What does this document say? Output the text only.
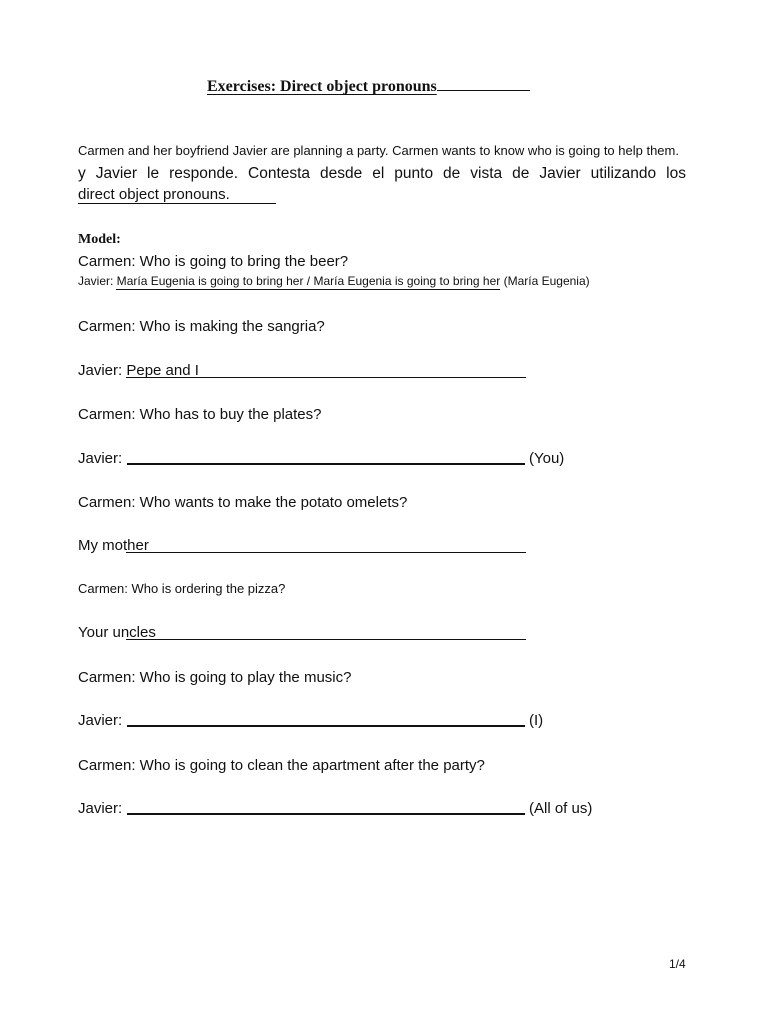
Exercises: Direct object pronouns
Carmen and her boyfriend Javier are planning a party. Carmen wants to know who is going to help them.
y Javier le responde. Contesta desde el punto de vista de Javier utilizando los
direct object pronouns.
Model:
Carmen: Who is going to bring the beer?
Javier: María Eugenia is going to bring her / María Eugenia is going to bring her (María Eugenia)
Carmen: Who is making the sangria?
Javier: Pepe and I
Carmen: Who has to buy the plates?
Javier:	(You)
Carmen: Who wants to make the potato omelets?
My mother
Carmen: Who is ordering the pizza?
Your uncles
Carmen: Who is going to play the music?
Javier:	(I)
Carmen: Who is going to clean the apartment after the party?
Javier:	(All of us)
1/4
